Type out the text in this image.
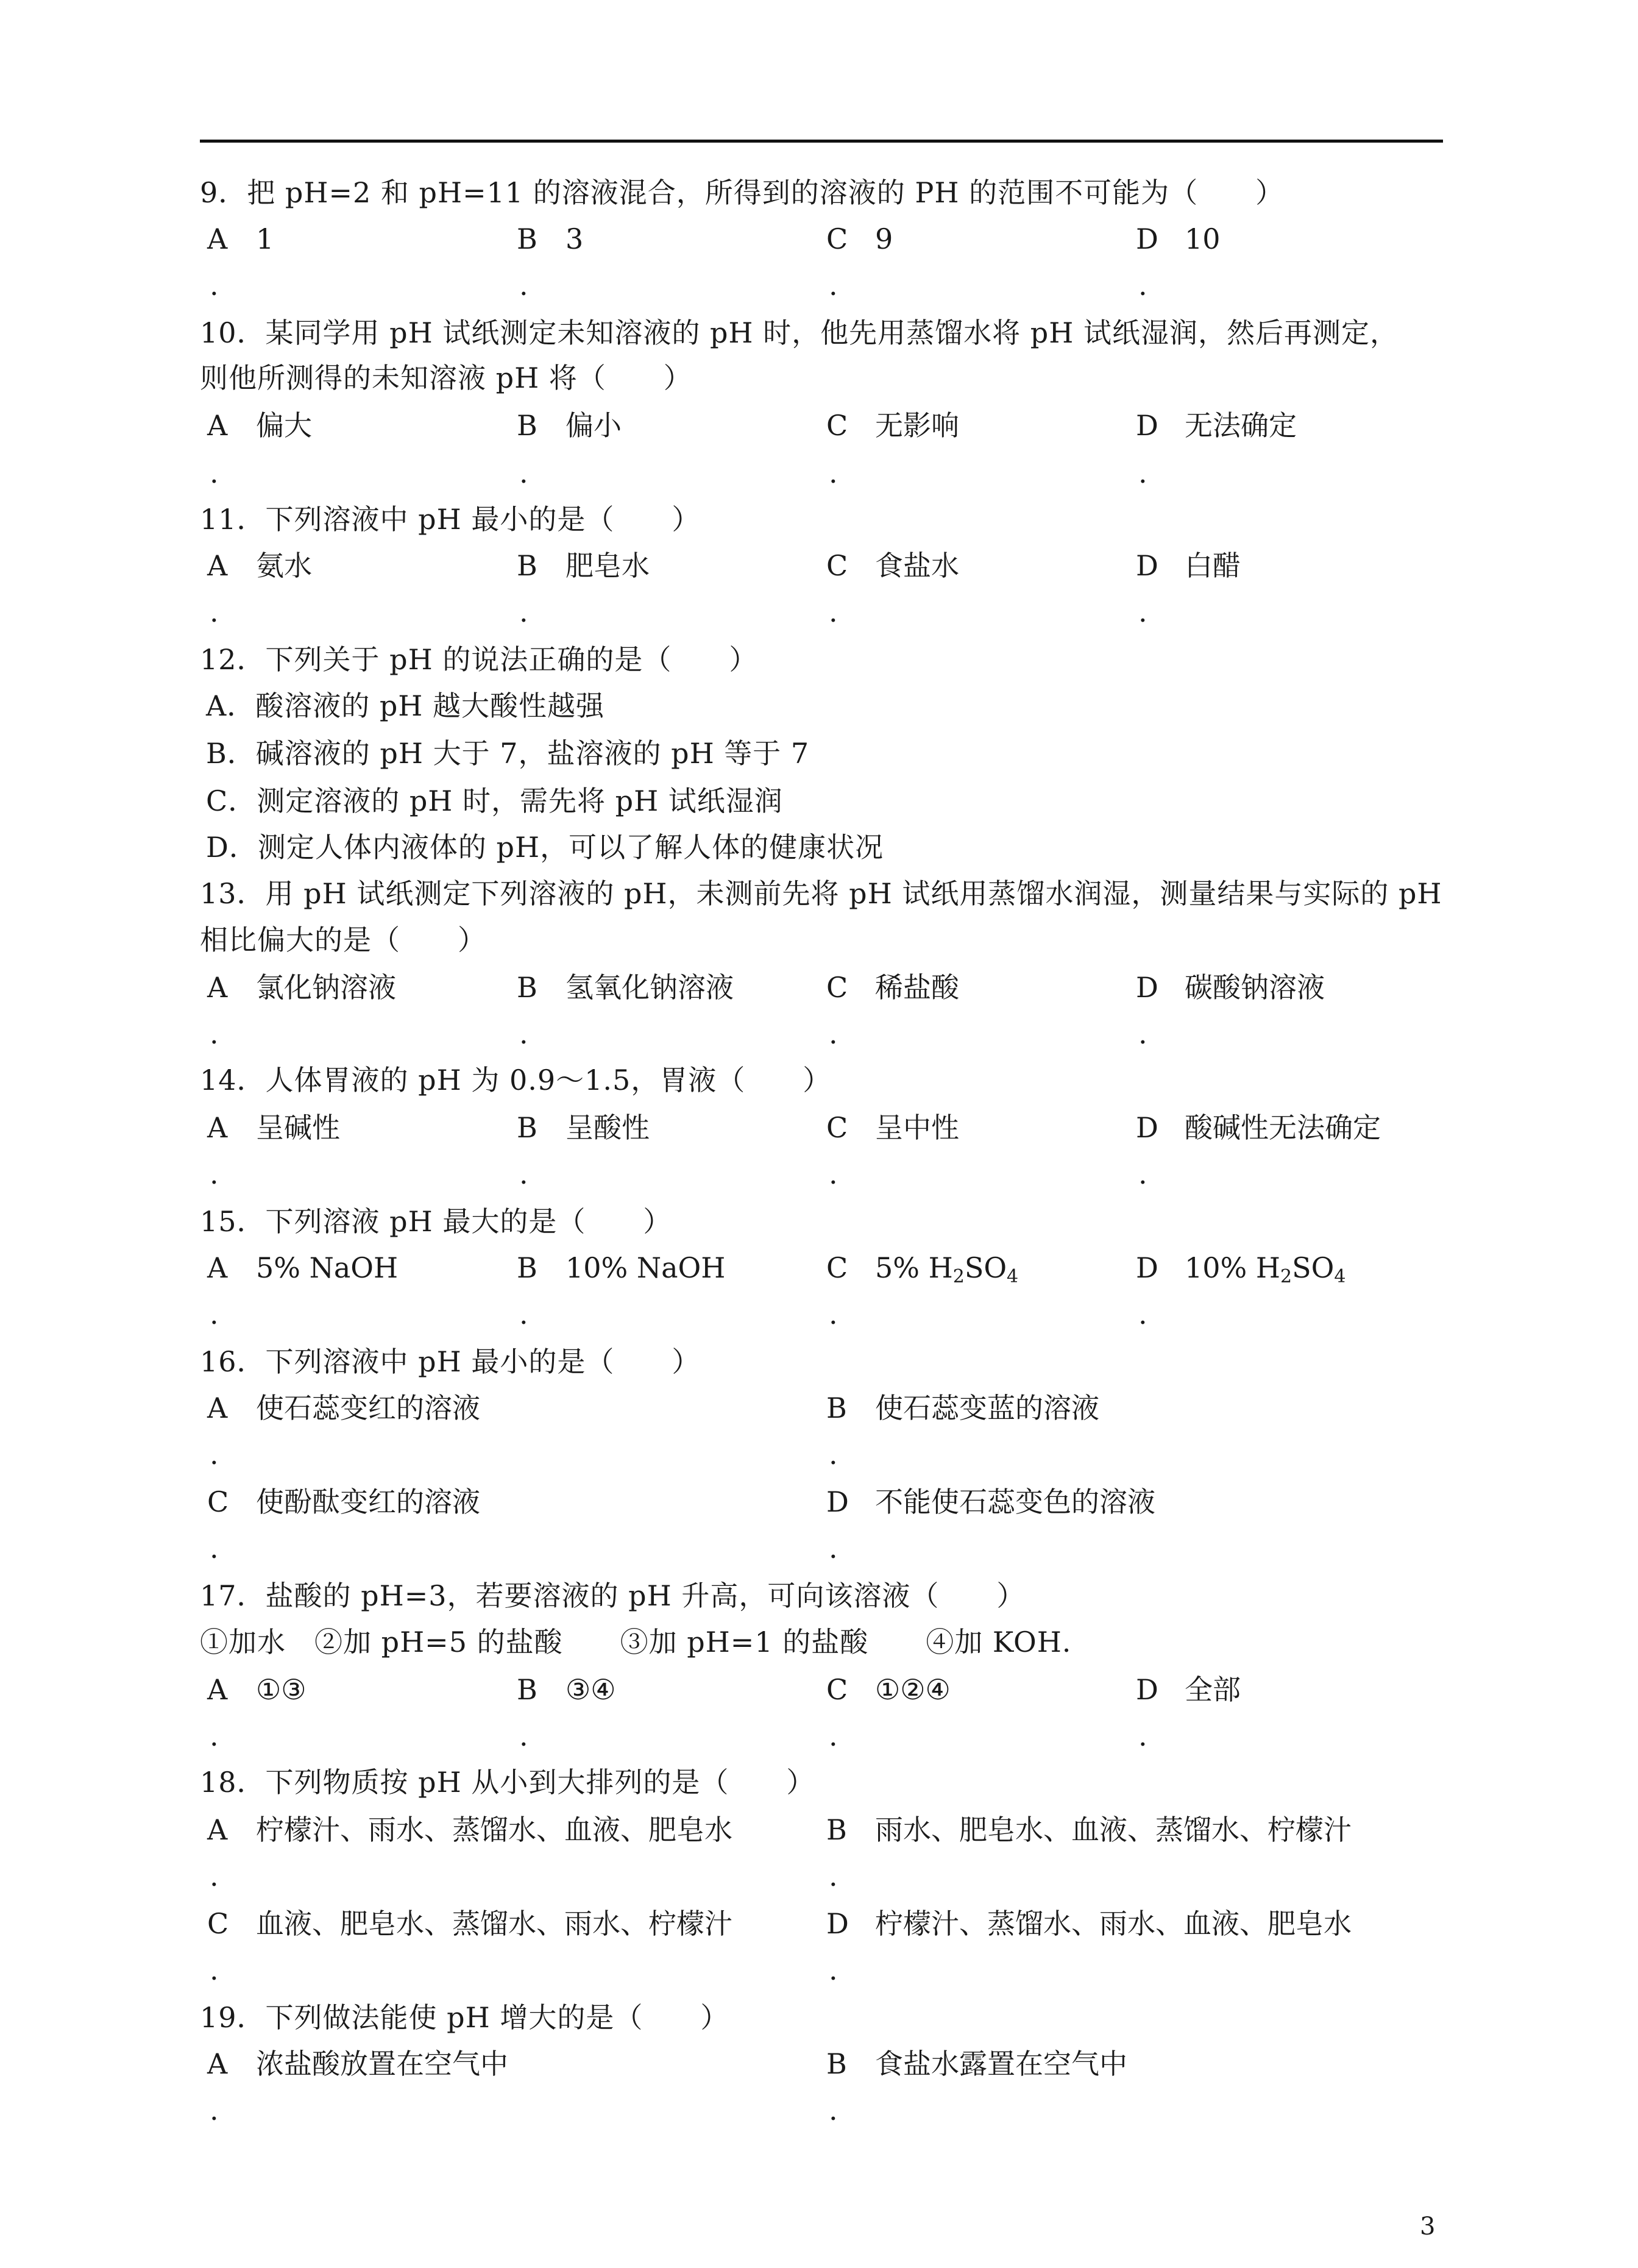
9．把 pH=2 和 pH=11 的溶液混合，所得到的溶液的 PH 的范围不可能为（　　）
A 1	B 3	C 9	D 10
.	.	.	.
10．某同学用 pH 试纸测定未知溶液的 pH 时，他先用蒸馏水将 pH 试纸湿润，然后再测定，
则他所测得的未知溶液 pH 将（　　）
A 偏大	B 偏小	C 无影响	D 无法确定
.	.	.	.
11．下列溶液中 pH 最小的是（　　）
A 氨水	B 肥皂水	C 食盐水	D 白醋
.	.	.	.
12．下列关于 pH 的说法正确的是（　　）
A．酸溶液的 pH 越大酸性越强
B．碱溶液的 pH 大于 7，盐溶液的 pH 等于 7
C．测定溶液的 pH 时，需先将 pH 试纸湿润
D．测定人体内液体的 pH，可以了解人体的健康状况
13．用 pH 试纸测定下列溶液的 pH，未测前先将 pH 试纸用蒸馏水润湿，测量结果与实际的 pH
相比偏大的是（　　）
A 氯化钠溶液	B 氢氧化钠溶液	C 稀盐酸	D 碳酸钠溶液
.	.	.	.
14．人体胃液的 pH 为 0.9～1.5，胃液（　　）
A 呈碱性	B 呈酸性	C 呈中性	D 酸碱性无法确定
.	.	.	.
15．下列溶液 pH 最大的是（　　）
A 5% NaOH	B 10% NaOH	C 5% $H_2SO_4$	D 10% $H_2SO_4$
.	.	.	.
16．下列溶液中 pH 最小的是（　　）
A 使石蕊变红的溶液	B 使石蕊变蓝的溶液
.	.
C 使酚酞变红的溶液	D 不能使石蕊变色的溶液
.	.
17．盐酸的 pH=3，若要溶液的 pH 升高，可向该溶液（　　）
①加水　②加 pH=5 的盐酸　　③加 pH=1 的盐酸　　④加 KOH.
A ①③	B ③④	C ①②④	D 全部
.	.	.	.
18．下列物质按 pH 从小到大排列的是（　　）
A 柠檬汁、雨水、蒸馏水、血液、肥皂水	B 雨水、肥皂水、血液、蒸馏水、柠檬汁
.	.
C 血液、肥皂水、蒸馏水、雨水、柠檬汁	D 柠檬汁、蒸馏水、雨水、血液、肥皂水
.	.
19．下列做法能使 pH 增大的是（　　）
A 浓盐酸放置在空气中	B 食盐水露置在空气中
.	.
3
